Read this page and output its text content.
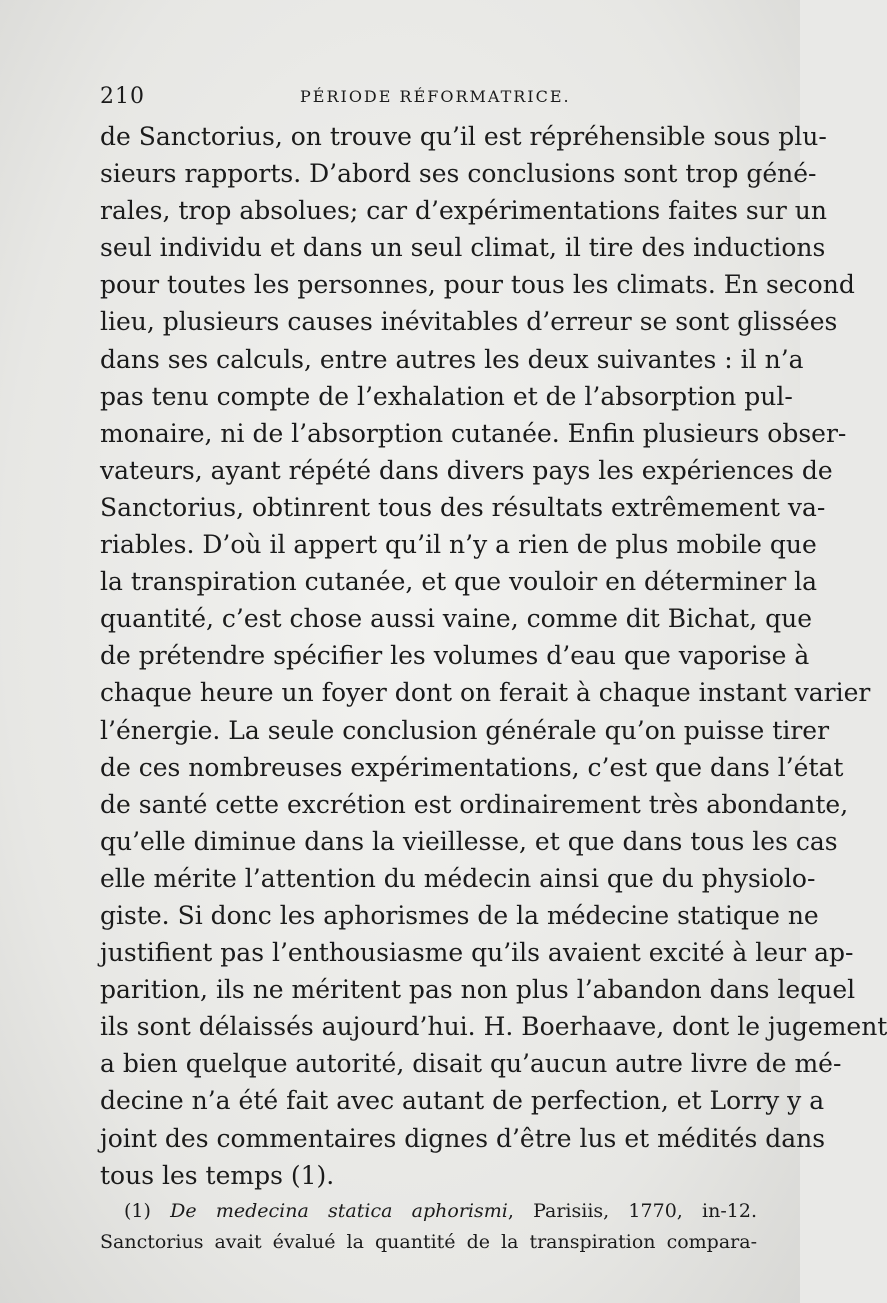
210	PÉRIODE RÉFORMATRICE.
de Sanctorius, on trouve qu’il est répréhensible sous plu-
sieurs rapports. D’abord ses conclusions sont trop géné-
rales, trop absolues; car d’expérimentations faites sur un
seul individu et dans un seul climat, il tire des inductions
pour toutes les personnes, pour tous les climats. En second
lieu, plusieurs causes inévitables d’erreur se sont glissées
dans ses calculs, entre autres les deux suivantes : il n’a
pas tenu compte de l’exhalation et de l’absorption pul-
monaire, ni de l’absorption cutanée. Enfin plusieurs obser-
vateurs, ayant répété dans divers pays les expériences de
Sanctorius, obtinrent tous des résultats extrêmement va-
riables. D’où il appert qu’il n’y a rien de plus mobile que
la transpiration cutanée, et que vouloir en déterminer la
quantité, c’est chose aussi vaine, comme dit Bichat, que
de prétendre spécifier les volumes d’eau que vaporise à
chaque heure un foyer dont on ferait à chaque instant varier
l’énergie. La seule conclusion générale qu’on puisse tirer
de ces nombreuses expérimentations, c’est que dans l’état
de santé cette excrétion est ordinairement très abondante,
qu’elle diminue dans la vieillesse, et que dans tous les cas
elle mérite l’attention du médecin ainsi que du physiolo-
giste. Si donc les aphorismes de la médecine statique ne
justifient pas l’enthousiasme qu’ils avaient excité à leur ap-
parition, ils ne méritent pas non plus l’abandon dans lequel
ils sont délaissés aujourd’hui. H. Boerhaave, dont le jugement
a bien quelque autorité, disait qu’aucun autre livre de mé-
decine n’a été fait avec autant de perfection, et Lorry y a
joint des commentaires dignes d’être lus et médités dans
tous les temps (1).
(1) De medecina statica aphorismi, Parisiis, 1770, in-12.
Sanctorius avait évalué la quantité de la transpiration compara-
